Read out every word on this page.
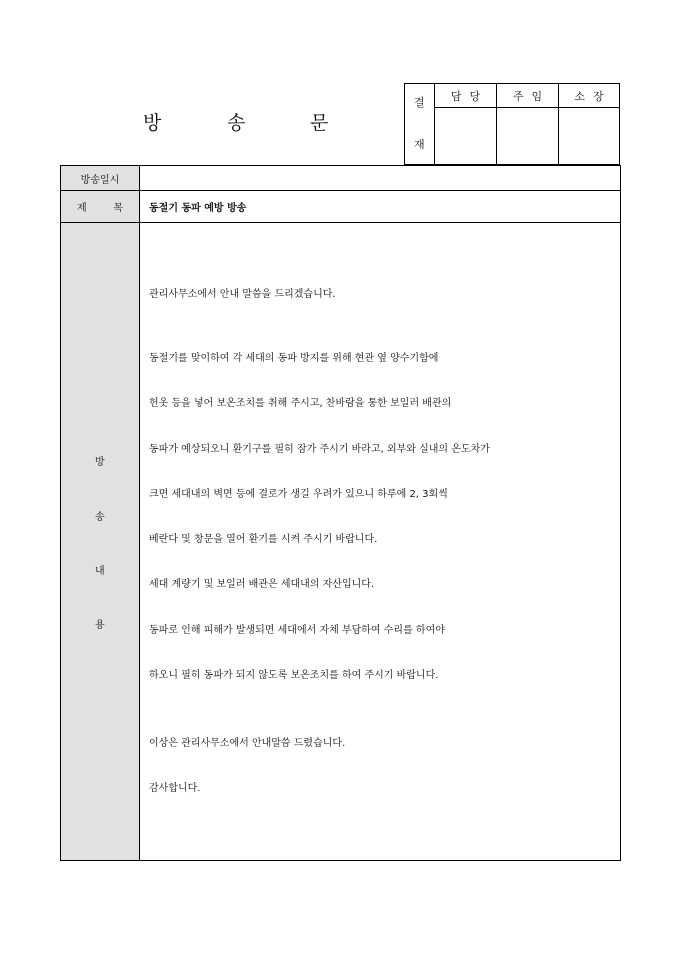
방	송	문
결
재
담당	주임	소장
방송일시
제	목	동절기 동파 예방 방송
방
송
내
용
관리사무소에서 안내 말씀을 드리겠습니다.
동절기를 맞이하여 각 세대의 동파 방지를 위해 현관 옆 양수기함에
헌옷 등을 넣어 보온조치를 취해 주시고, 찬바람을 통한 보일러 배관의
동파가 예상되오니 환기구를 필히 잠가 주시기 바라고, 외부와 실내의 온도차가
크면 세대내의 벽면 등에 결로가 생길 우려가 있으니 하루에 2, 3회씩
베란다 및 창문을 열어 환기를 시켜 주시기 바랍니다.
세대 계량기 및 보일러 배관은 세대내의 자산입니다.
동파로 인해 피해가 발생되면 세대에서 자체 부담하여 수리를 하여야
하오니 필히 동파가 되지 않도록 보온조치를 하여 주시기 바랍니다.
이상은 관리사무소에서 안내말씀 드렸습니다.
감사합니다.
